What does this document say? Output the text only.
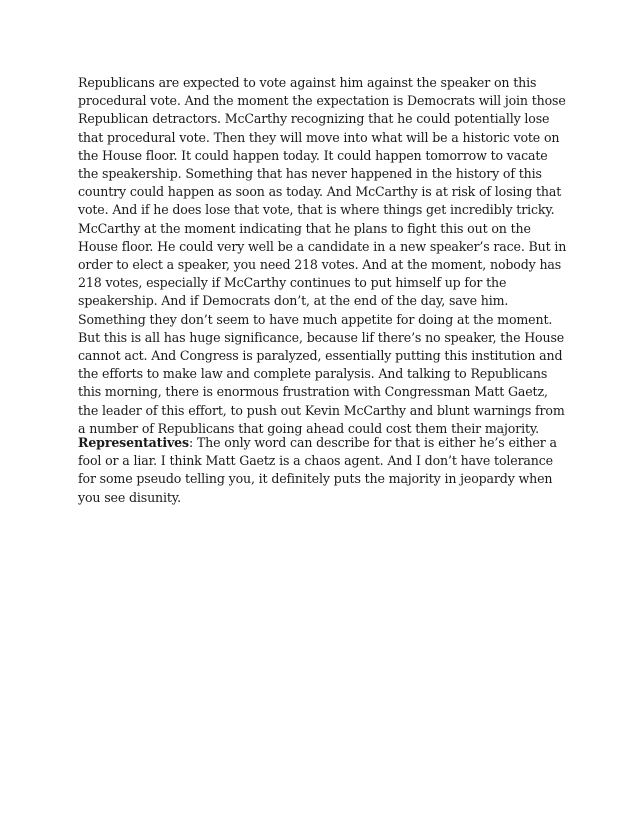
Republicans are expected to vote against him against the speaker on this procedural vote. And the moment the expectation is Democrats will join those Republican detractors. McCarthy recognizing that he could potentially lose that procedural vote. Then they will move into what will be a historic vote on the House floor. It could happen today. It could happen tomorrow to vacate the speakership. Something that has never happened in the history of this country could happen as soon as today. And McCarthy is at risk of losing that vote. And if he does lose that vote, that is where things get incredibly tricky. McCarthy at the moment indicating that he plans to fight this out on the House floor. He could very well be a candidate in a new speaker’s race. But in order to elect a speaker, you need 218 votes. And at the moment, nobody has 218 votes, especially if McCarthy continues to put himself up for the speakership. And if Democrats don’t, at the end of the day, save him. Something they don’t seem to have much appetite for doing at the moment. But this is all has huge significance, because lif there’s no speaker, the House cannot act. And Congress is paralyzed, essentially putting this institution and the efforts to make law and complete paralysis. And talking to Republicans this morning, there is enormous frustration with Congressman Matt Gaetz, the leader of this effort, to push out Kevin McCarthy and blunt warnings from a number of Republicans that going ahead could cost them their majority.

Representatives: The only word can describe for that is either he’s either a fool or a liar. I think Matt Gaetz is a chaos agent. And I don’t have tolerance for some pseudo telling you, it definitely puts the majority in jeopardy when you see disunity.
